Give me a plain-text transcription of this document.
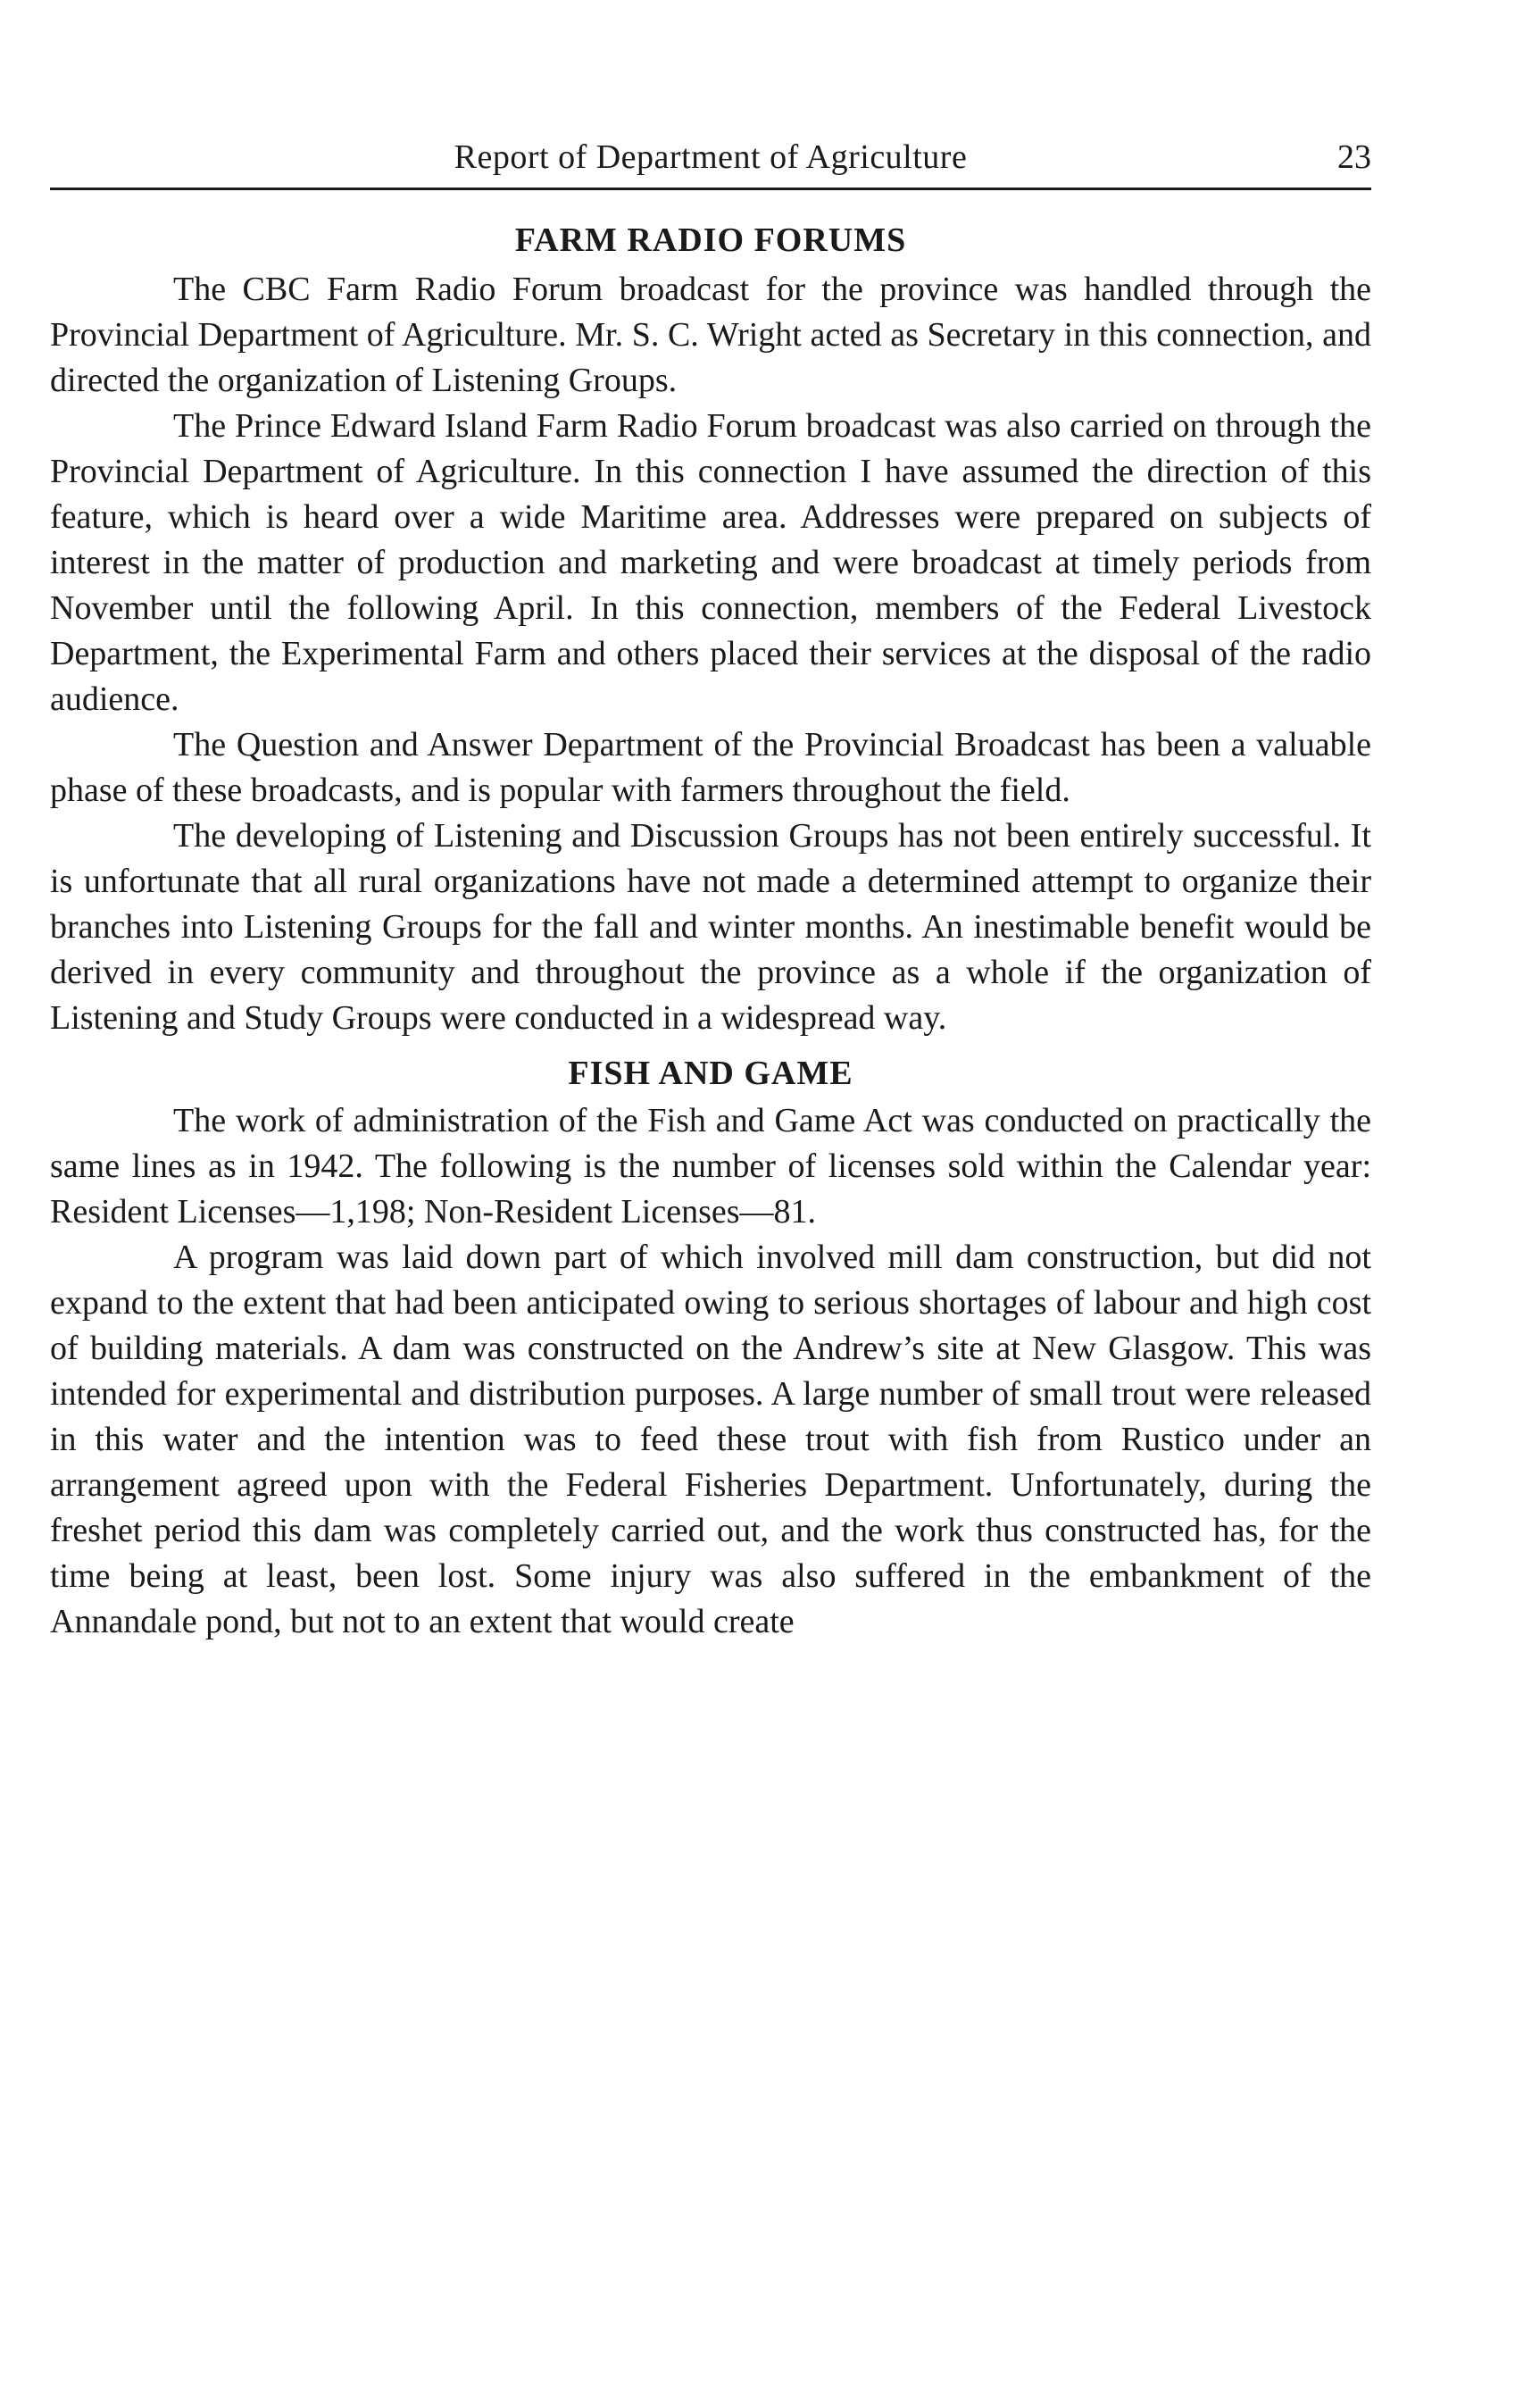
Report of Department of Agriculture	23
FARM RADIO FORUMS

The CBC Farm Radio Forum broadcast for the province was handled through the Provincial Department of Agriculture. Mr. S. C. Wright acted as Secretary in this connection, and directed the organization of Listening Groups.

The Prince Edward Island Farm Radio Forum broadcast was also carried on through the Provincial Department of Agriculture. In this connection I have assumed the direction of this feature, which is heard over a wide Maritime area. Addresses were prepared on subjects of interest in the matter of production and marketing and were broadcast at timely periods from November until the following April. In this connection, members of the Federal Livestock Department, the Experimental Farm and others placed their services at the disposal of the radio audience.

The Question and Answer Department of the Provincial Broadcast has been a valuable phase of these broadcasts, and is popular with farmers throughout the field.

The developing of Listening and Discussion Groups has not been entirely successful. It is unfortunate that all rural organizations have not made a determined attempt to organize their branches into Listening Groups for the fall and winter months. An inestimable benefit would be derived in every community and throughout the province as a whole if the organization of Listening and Study Groups were conducted in a widespread way.

FISH AND GAME

The work of administration of the Fish and Game Act was conducted on practically the same lines as in 1942. The following is the number of licenses sold within the Calendar year: Resident Licenses—1,198; Non-Resident Licenses—81.

A program was laid down part of which involved mill dam construction, but did not expand to the extent that had been anticipated owing to serious shortages of labour and high cost of building materials. A dam was constructed on the Andrew’s site at New Glasgow. This was intended for experimental and distribution purposes. A large number of small trout were released in this water and the intention was to feed these trout with fish from Rustico under an arrangement agreed upon with the Federal Fisheries Department. Unfortunately, during the freshet period this dam was completely carried out, and the work thus constructed has, for the time being at least, been lost. Some injury was also suffered in the embankment of the Annandale pond, but not to an extent that would create
